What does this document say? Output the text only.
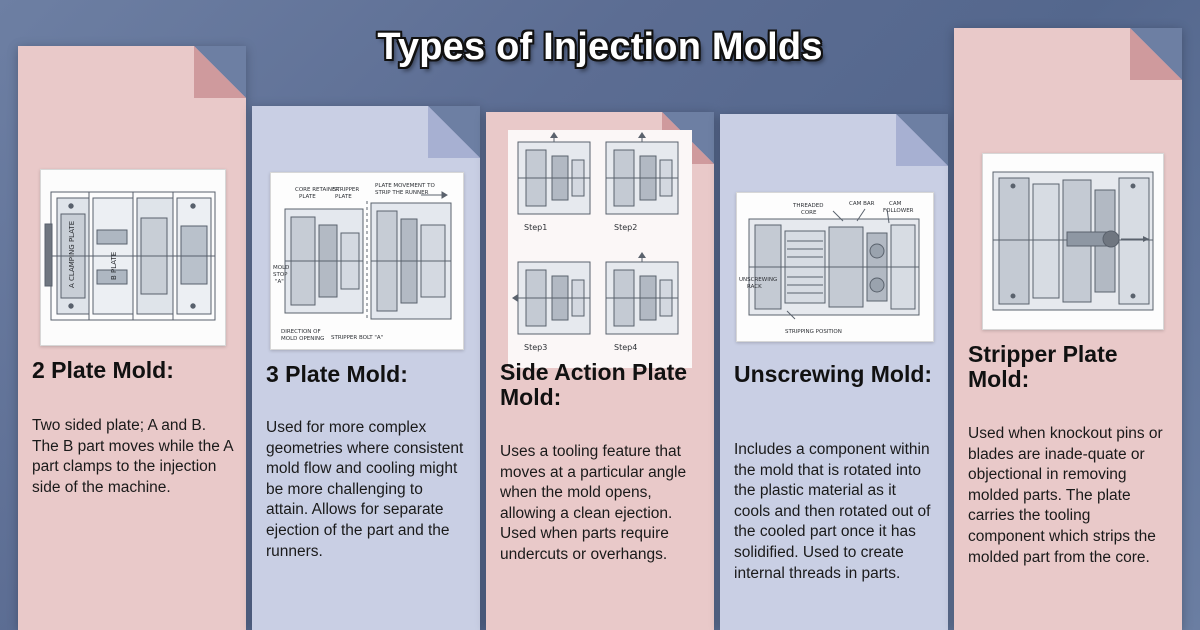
Types of Injection Molds
A CLAMPING PLATE	B PLATE
2 Plate Mold:
Two sided plate; A and B. The B part moves while the A part clamps to the injection side of the machine.
CORE RETAINER
PLATE
STRIPPER
PLATE
PLATE MOVEMENT TO
STRIP THE RUNNER
MOLD
STOP
"A"
STRIPPER BOLT "A"
DIRECTION OF
MOLD OPENING
3 Plate Mold:
Used for more complex geometries where consistent mold flow and cooling might be more challenging to attain. Allows for separate ejection of the part and the runners.
Step1	Step2
Step3	Step4
Side Action Plate Mold:
Uses a tooling feature that moves at a particular angle when the mold opens, allowing a clean ejection. Used when parts require undercuts or overhangs.
THREADED
CORE
CAM BAR	CAM
FOLLOWER
UNSCREWING
RACK
STRIPPING POSITION
Unscrewing Mold:
Includes a component within the mold that is rotated into the plastic material as it cools and then rotated out of the cooled part once it has solidified. Used to create internal threads in parts.
Stripper Plate Mold:
Used when knockout pins or blades are inade-quate or objectional in removing molded parts. The plate carries the tooling component which strips the molded part from the core.
